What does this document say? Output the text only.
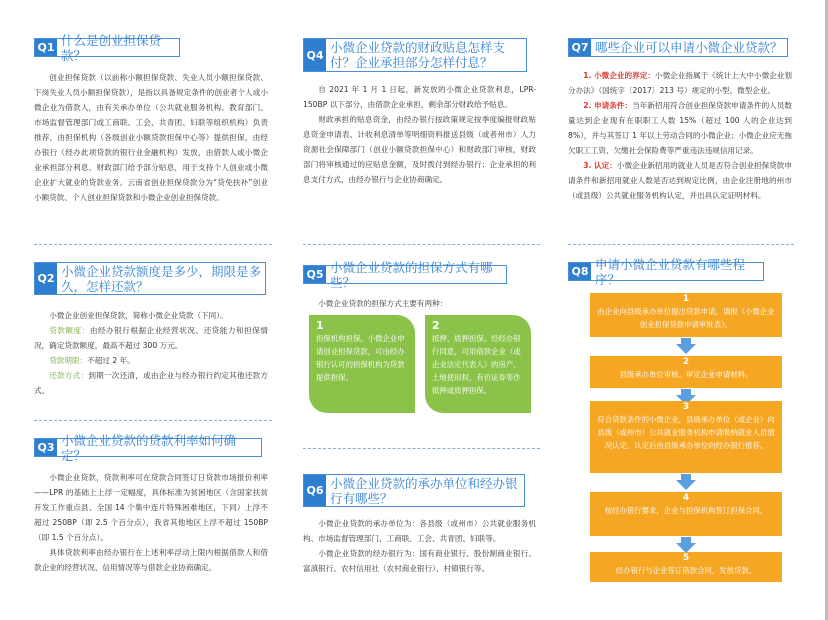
Q1 什么是创业担保贷款？

创业担保贷款（以前称小额担保贷款、失业人员小额担保贷款、下岗失业人员小额担保贷款），是指以具备规定条件的创业者个人或小微企业为借款人，由有关承办单位（公共就业服务机构、教育部门、市场监督管理部门或工商联、工会、共青团、妇联等组织机构）负责推荐，由担保机构（各级创业小额贷款担保中心等）提供担保，由经办银行（经办此项贷款的银行业金融机构）发放，由借款人或小微企业承担部分利息、财政部门给予部分贴息，用于支持个人创业或小微企业扩大就业的贷款业务。云南省创业担保贷款分为“贷免扶补”创业小额贷款、个人创业担保贷款和小微企业创业担保贷款。

Q2 小微企业贷款额度是多少，期限是多久，怎样还款？

小微企业创业担保贷款，简称小微企业贷款（下同）。

贷款额度：由经办银行根据企业经营状况、还贷能力和担保情况，确定贷款额度，最高不超过 300 万元。

贷款期限：不超过 2 年。

还款方式：到期一次还清，或由企业与经办银行约定其他还款方式。

Q3 小微企业贷款的贷款利率如何确定？

小微企业贷款，贷款利率可在贷款合同签订日贷款市场报价利率——LPR 的基础上上浮一定幅度，具体标准为贫困地区（含国家扶贫开发工作重点县、全国 14 个集中连片特殊困难地区，下同）上浮不超过 250BP（即 2.5 个百分点），我省其他地区上浮不超过 150BP（即 1.5 个百分点）。

具体贷款利率由经办银行在上述利率浮动上限内根据借款人和借款企业的经营状况、信用情况等与借款企业协商确定。

Q4 小微企业贷款的财政贴息怎样支付？企业承担部分怎样付息？

自 2021 年 1 月 1 日起，新发放的小微企业贷款利息，LPR-150BP 以下部分，由借款企业承担，剩余部分财政给予贴息。

财政承担的贴息资金，由经办银行按政策规定按季度编报财政贴息资金申请表、计收利息清单等明细资料报送县级（或者州市）人力资源社会保障部门（创业小额贷款担保中心）和财政部门审核，财政部门将审核通过的应贴息金额，及时拨付到经办银行；企业承担的利息支付方式，由经办银行与企业协商确定。

Q5 小微企业贷款的担保方式有哪些？

小微企业贷款的担保方式主要有两种：

1
担保机构担保。小微企业申请创业担保贷款，可由经办银行认可的担保机构为贷款提供担保。
2
抵押、质押担保。经经办银行同意，可用借款企业（或企业法定代表人）的房产、土地使用权、有价证券等作抵押或质押担保。
Q6 小微企业贷款的承办单位和经办银行有哪些？

小微企业贷款的承办单位为：各县级（或州市）公共就业服务机构、市场监督管理部门、工商联、工会、共青团、妇联等。

小微企业贷款的经办银行为：国有商业银行、股份制商业银行、富滇银行、农村信用社（农村商业银行）、村镇银行等。

Q7 哪些企业可以申请小微企业贷款？

1. 小微企业的界定：小微企业指属于《统计上大中小微企业划分办法》（国统字〔2017〕213 号）规定的小型、微型企业。

2. 申请条件：当年新招用符合创业担保贷款申请条件的人员数量达到企业现有在职职工人数 15%（超过 100 人的企业达到 8%），并与其签订 1 年以上劳动合同的小微企业；小微企业应无拖欠职工工资、欠缴社会保险费等严重违法违规信用记录。

3. 认定：小微企业新招用的就业人员是否符合创业担保贷款申请条件和新招用就业人数是否达到规定比例，由企业注册地的州市（或县级）公共就业服务机构认定，并出具认定证明材料。

Q8 申请小微企业贷款有哪些程序？
1
由企业向县级承办单位提出贷款申请，填报《小微企业创业担保贷款申请审批表》。
2
县级承办单位审核、审定企业申请材料。
3
符合贷款条件的小微企业，县级承办单位（或企业）向县级（或州市）公共就业服务机构申请吸纳就业人员情况认定。认定后由县级承办单位向经办银行推荐。
4
按经办银行要求，企业与担保机构签订担保合同。
5
经办银行与企业签订借款合同，发放贷款。
